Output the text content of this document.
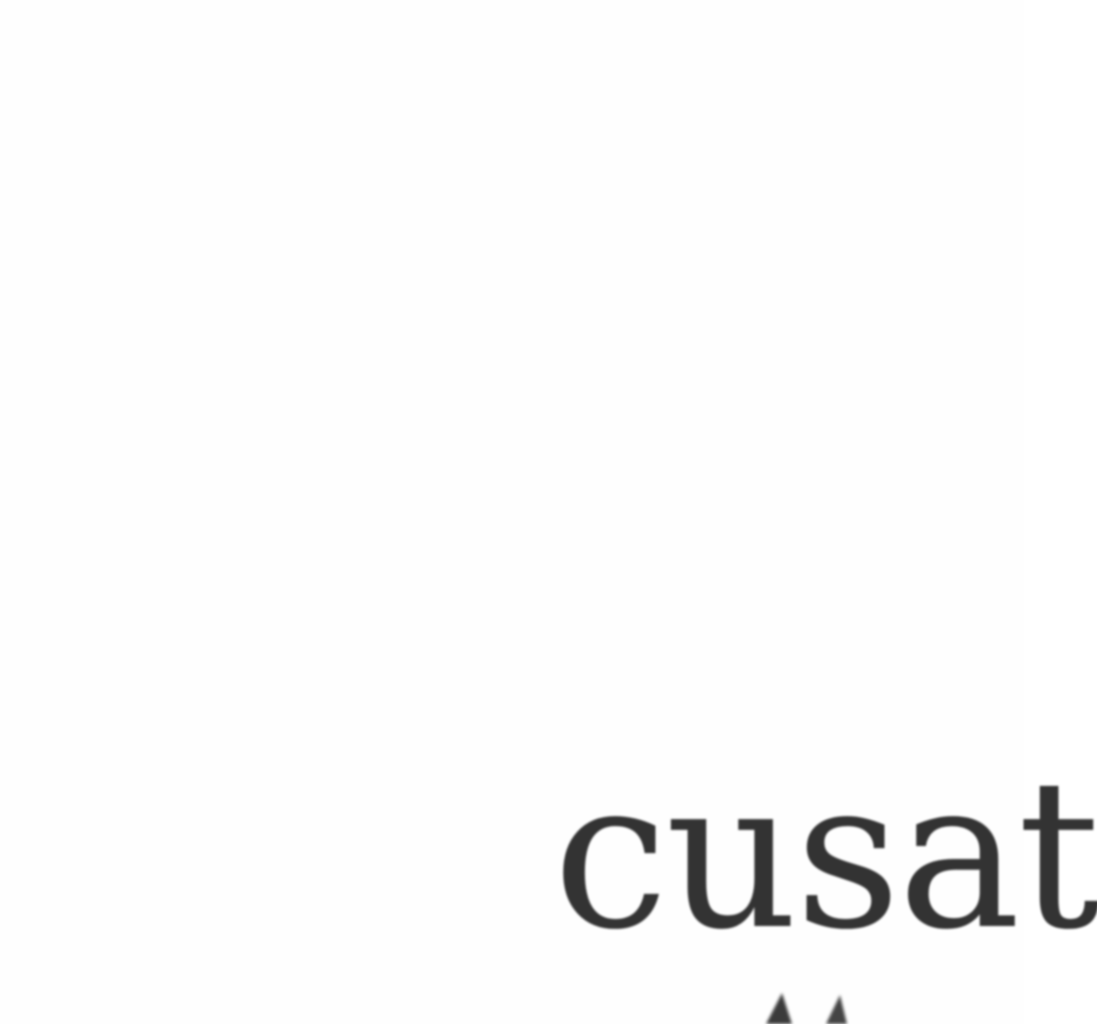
cusat
